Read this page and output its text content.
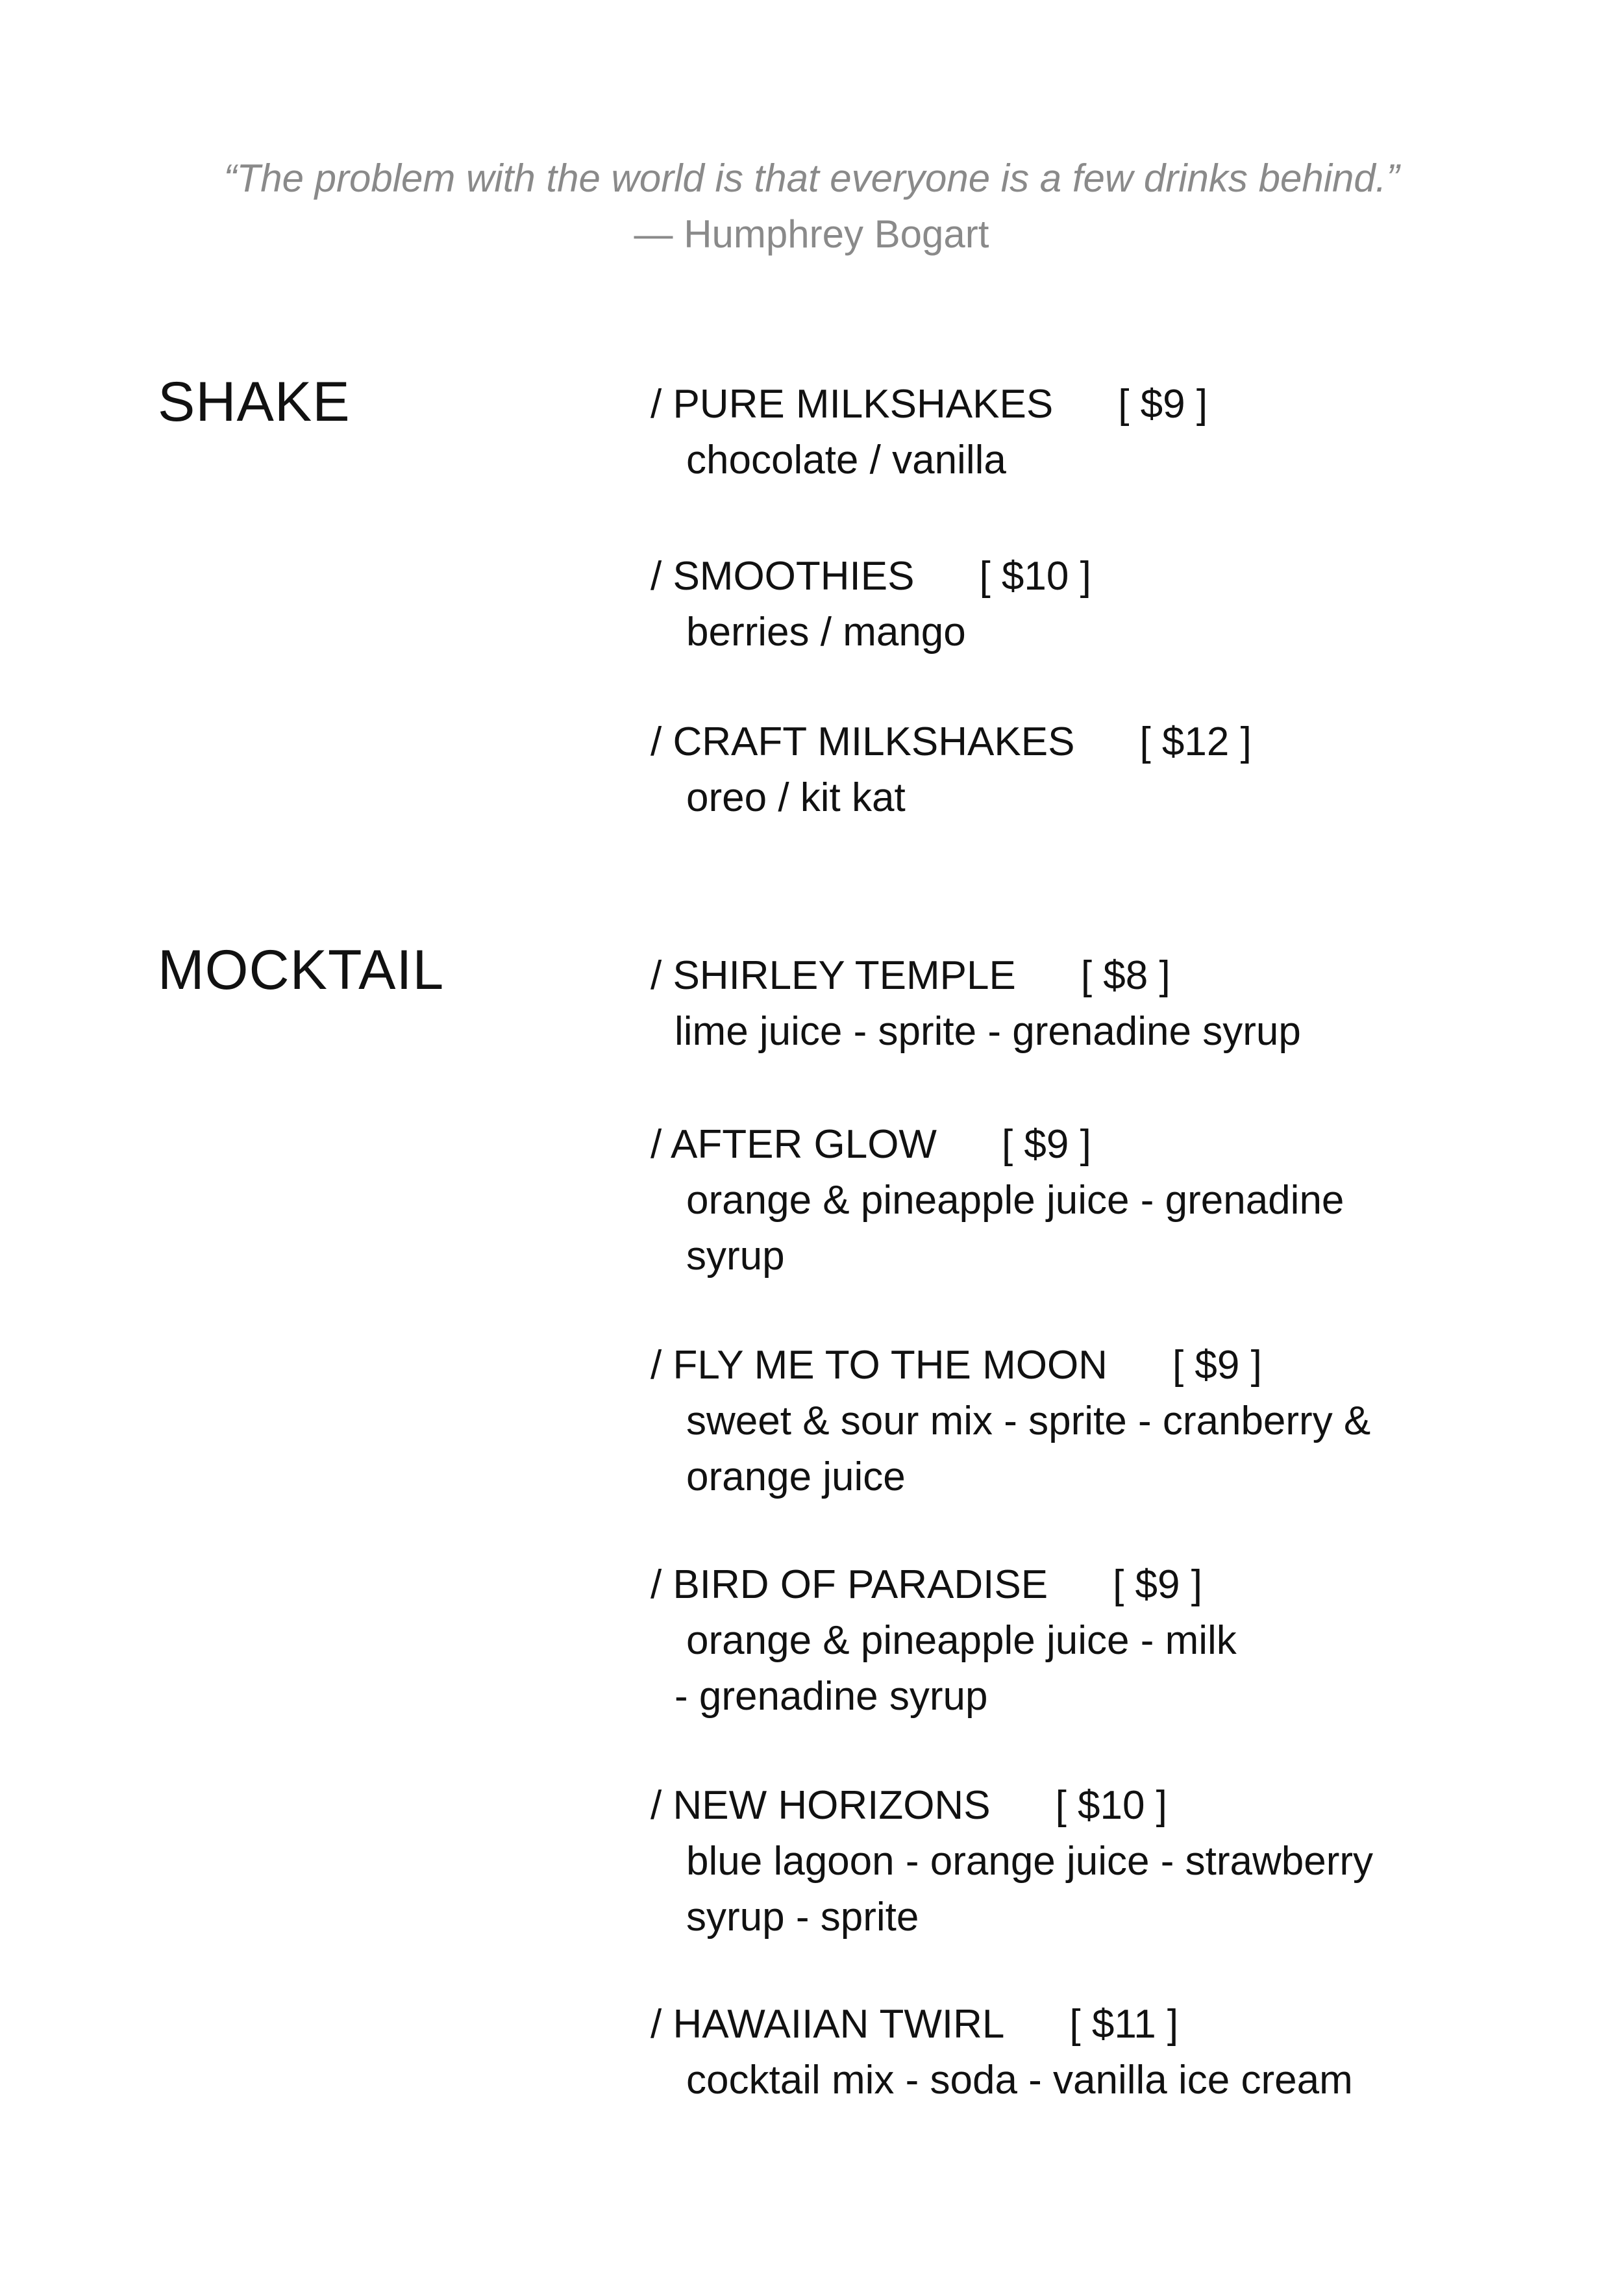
“The problem with the world is that everyone is a few drinks behind.”
— Humphrey Bogart
SHAKE	/ PURE MILKSHAKES [ $9 ]
chocolate / vanilla
/ SMOOTHIES [ $10 ]
berries / mango
/ CRAFT MILKSHAKES [ $12 ]
oreo / kit kat
MOCKTAIL	/ SHIRLEY TEMPLE [ $8 ]
lime juice - sprite - grenadine syrup
/ AFTER GLOW [ $9 ]
orange & pineapple juice - grenadine
syrup
/ FLY ME TO THE MOON [ $9 ]
sweet & sour mix - sprite - cranberry &
orange juice
/ BIRD OF PARADISE [ $9 ]
orange & pineapple juice - milk
- grenadine syrup
/ NEW HORIZONS [ $10 ]
blue lagoon - orange juice - strawberry
syrup - sprite
/ HAWAIIAN TWIRL [ $11 ]
cocktail mix - soda - vanilla ice cream
